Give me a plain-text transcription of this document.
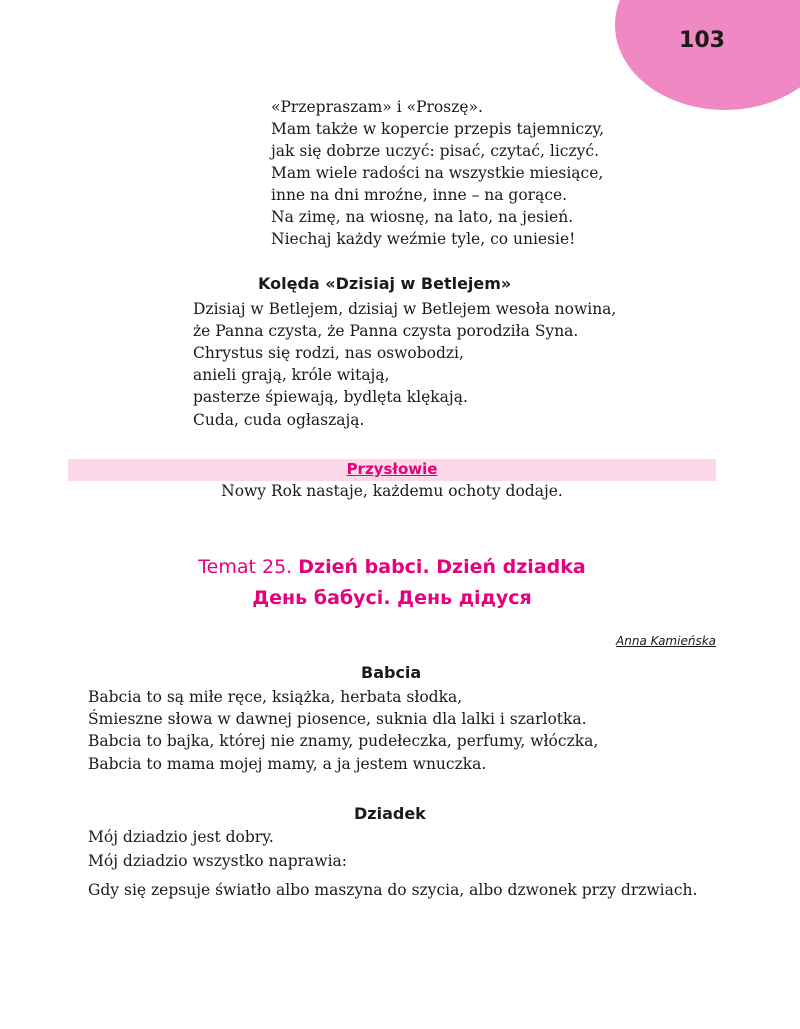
103
«Przepraszam» i «Proszę».
Mam także w kopercie przepis tajemniczy,
jak się dobrze uczyć: pisać, czytać, liczyć.
Mam wiele radości na wszystkie miesiące,
inne na dni mroźne, inne – na gorące.
Na zimę, na wiosnę, na lato, na jesień.
Niechaj każdy weźmie tyle, co uniesie!
Kolęda «Dzisiaj w Betlejem»
Dzisiaj w Betlejem, dzisiaj w Betlejem wesoła nowina,
że Panna czysta, że Panna czysta porodziła Syna.
Chrystus się rodzi, nas oswobodzi,
anieli grają, króle witają,
pasterze śpiewają, bydlęta klękają.
Cuda, cuda ogłaszają.
Przysłowie
Nowy Rok nastaje, każdemu ochoty dodaje.
Temat 25. Dzień babci. Dzień dziadka
День бабусі. День дідуся
Anna Kamieńska
Babcia
Babcia to są miłe ręce, książka, herbata słodka,
Śmieszne słowa w dawnej piosence, suknia dla lalki i szarlotka.
Babcia to bajka, której nie znamy, pudełeczka, perfumy, włóczka,
Babcia to mama mojej mamy, a ja jestem wnuczka.
Dziadek
Mój dziadzio jest dobry.
Mój dziadzio wszystko naprawia:
Gdy się zepsuje światło albo maszyna do szycia, albo dzwonek przy drzwiach.
